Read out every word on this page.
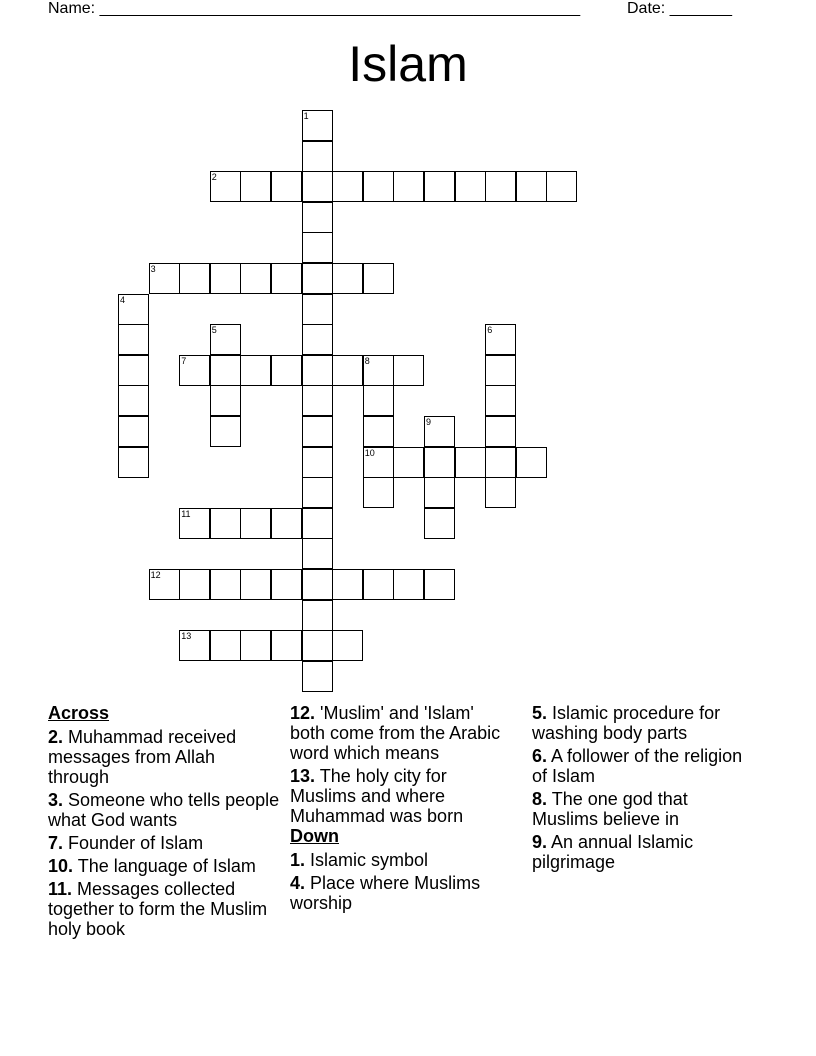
Name: ______________________________________________________	Date: _______
Islam
1
2
3
4
5	6
7	8
10
9
11
12
13
Across
2. Muhammad received messages from Allah through
3. Someone who tells people what God wants
7. Founder of Islam
10. The language of Islam
11. Messages collected together to form the Muslim holy book
12. 'Muslim' and 'Islam' both come from the Arabic word which means
13. The holy city for Muslims and where Muhammad was born
Down
1. Islamic symbol
4. Place where Muslims worship
5. Islamic procedure for washing body parts
6. A follower of the religion of Islam
8. The one god that Muslims believe in
9. An annual Islamic pilgrimage
